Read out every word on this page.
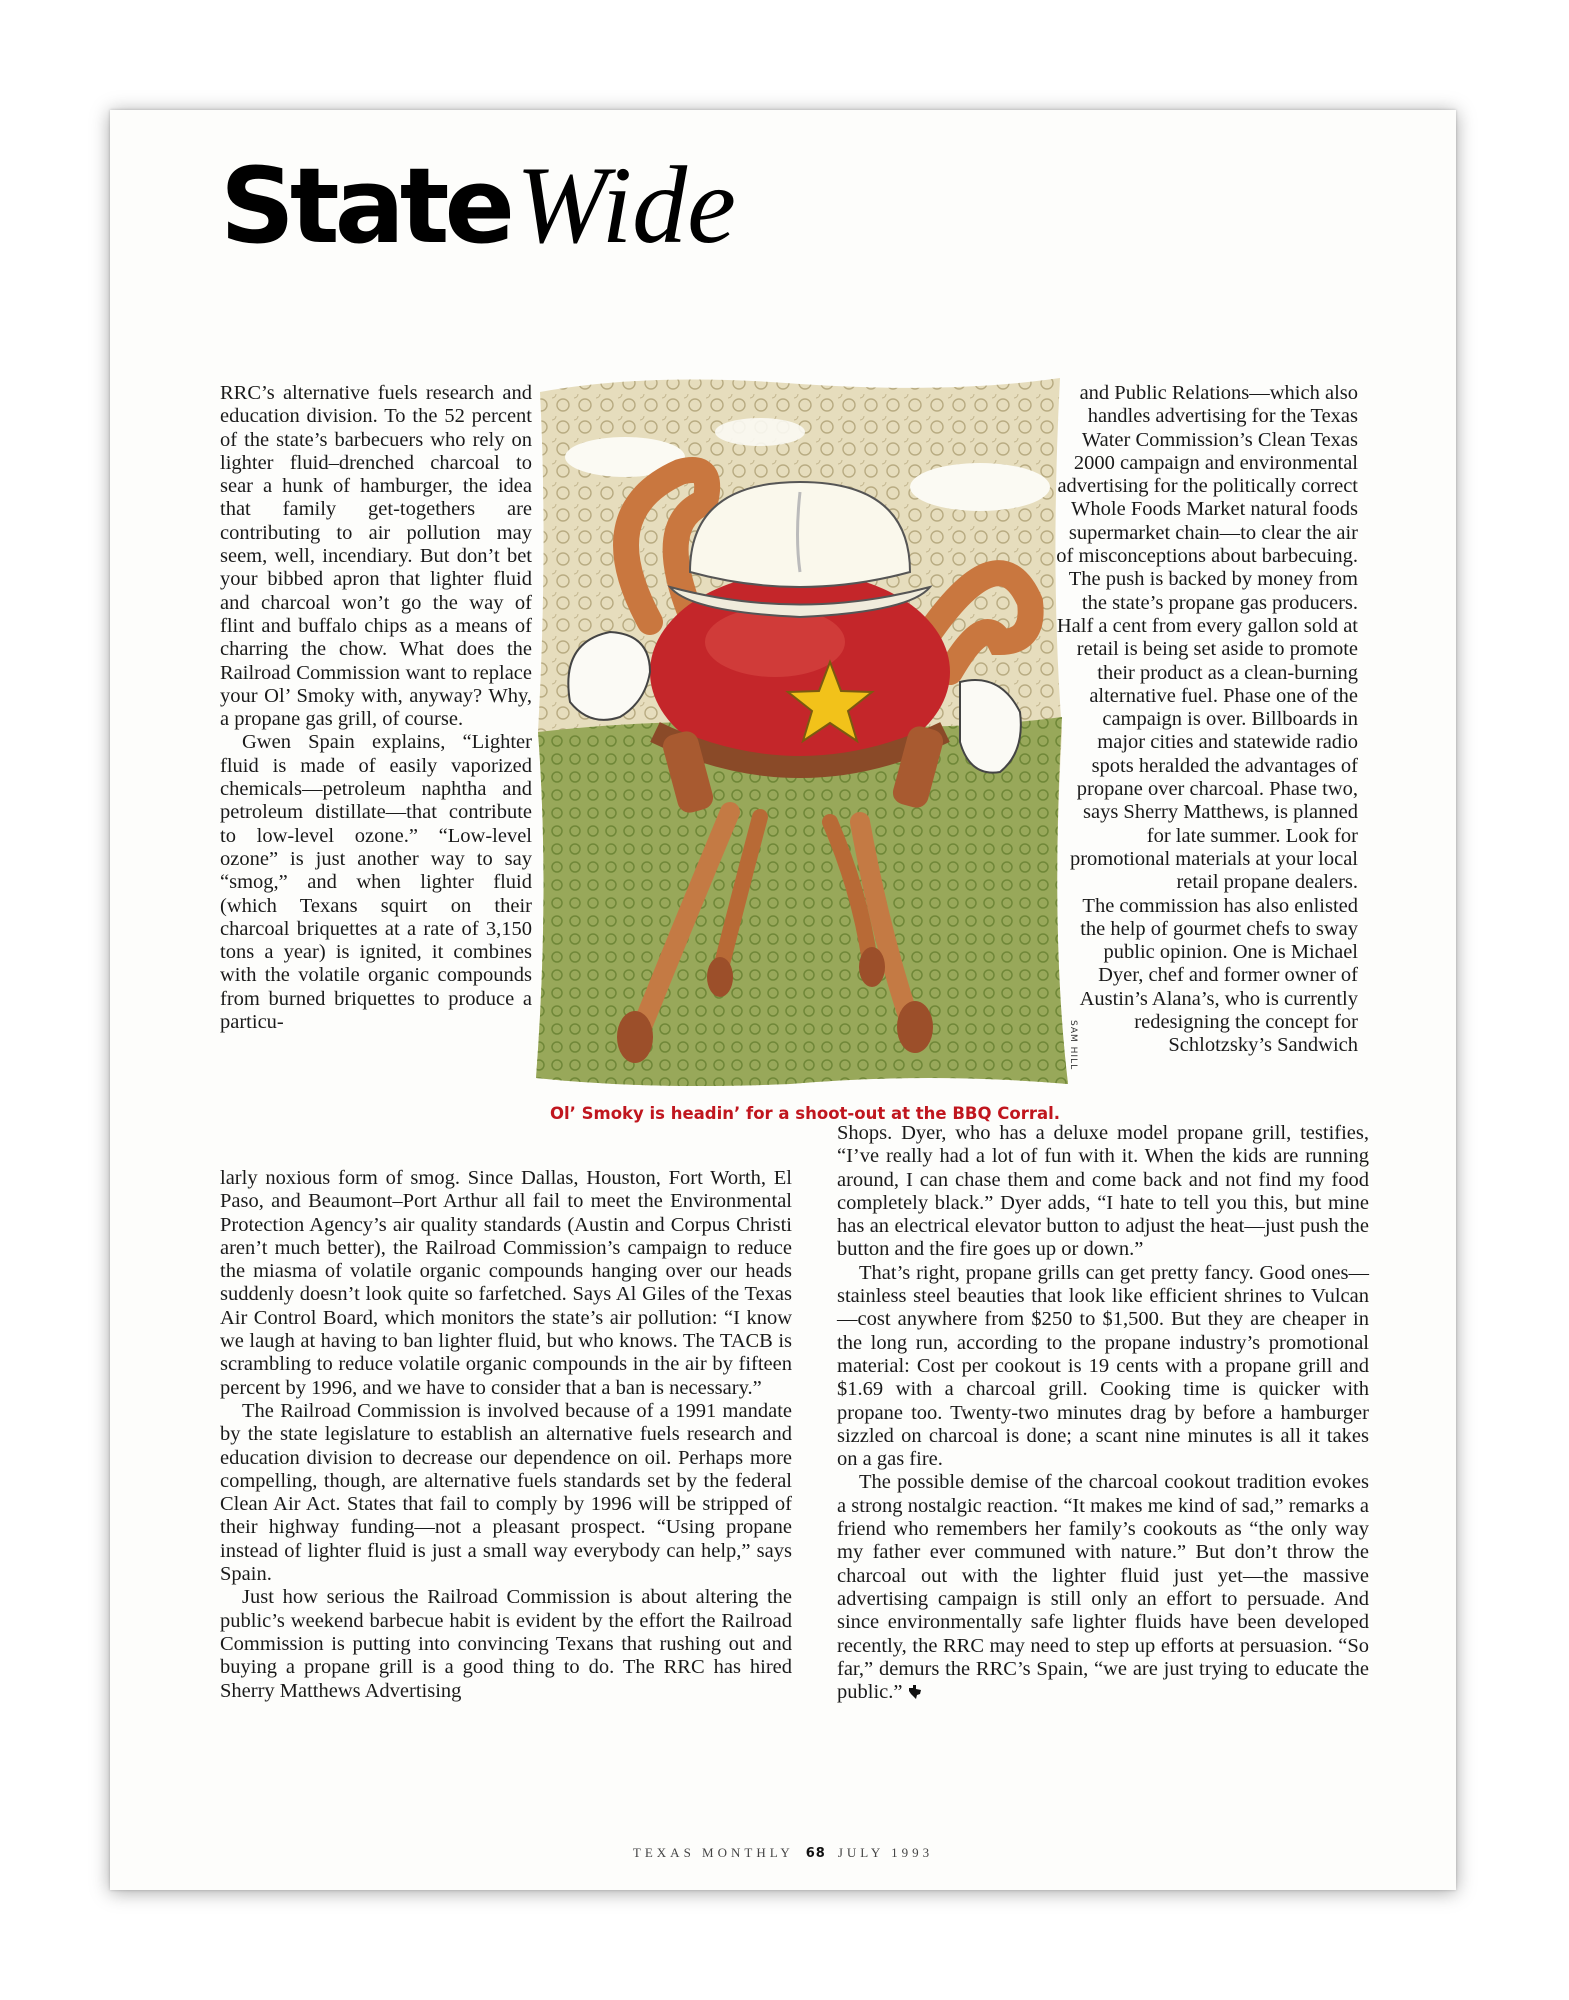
StateWide

RRC’s alternative fuels research and education division. To the 52 percent of the state’s barbecuers who rely on lighter fluid–drenched charcoal to sear a hunk of hamburger, the idea that family get-togethers are contributing to air pollution may seem, well, incendiary. But don’t bet your bibbed apron that lighter fluid and charcoal won’t go the way of flint and buffalo chips as a means of charring the chow. What does the Railroad Commission want to replace your Ol’ Smoky with, anyway? Why, a propane gas grill, of course.

Gwen Spain explains, “Lighter fluid is made of easily vaporized chemicals—petroleum naphtha and petroleum distillate—that contribute to low-level ozone.” “Low-level ozone” is just another way to say “smog,” and when lighter fluid (which Texans squirt on their charcoal briquettes at a rate of 3,150 tons a year) is ignited, it combines with the volatile organic compounds from burned briquettes to produce a particu-	SAM HILL
Ol’ Smoky is headin’ for a shoot-out at the BBQ Corral.

and Public Relations—which also handles advertising for the Texas Water Commission’s Clean Texas 2000 campaign and environmental advertising for the politically correct Whole Foods Market natural foods supermarket chain—to clear the air of misconceptions about barbecuing. The push is backed by money from the state’s propane gas producers. Half a cent from every gallon sold at retail is being set aside to promote their product as a clean-burning alternative fuel. Phase one of the campaign is over. Billboards in major cities and statewide radio spots heralded the advantages of propane over charcoal. Phase two, says Sherry Matthews, is planned for late summer. Look for promotional materials at your local retail propane dealers.

The commission has also enlisted the help of gourmet chefs to sway public opinion. One is Michael Dyer, chef and former owner of Austin’s Alana’s, who is currently redesigning the concept for Schlotzsky’s Sandwich

larly noxious form of smog. Since Dallas, Houston, Fort Worth, El Paso, and Beaumont–Port Arthur all fail to meet the Environmental Protection Agency’s air quality standards (Austin and Corpus Christi aren’t much better), the Railroad Commission’s campaign to reduce the miasma of volatile organic compounds hanging over our heads suddenly doesn’t look quite so farfetched. Says Al Giles of the Texas Air Control Board, which monitors the state’s air pollution: “I know we laugh at having to ban lighter fluid, but who knows. The TACB is scrambling to reduce volatile organic compounds in the air by fifteen percent by 1996, and we have to consider that a ban is necessary.”

The Railroad Commission is involved because of a 1991 mandate by the state legislature to establish an alternative fuels research and education division to decrease our dependence on oil. Perhaps more compelling, though, are alternative fuels standards set by the federal Clean Air Act. States that fail to comply by 1996 will be stripped of their highway funding—not a pleasant prospect. “Using propane instead of lighter fluid is just a small way everybody can help,” says Spain.

Just how serious the Railroad Commission is about altering the public’s weekend barbecue habit is evident by the effort the Railroad Commission is putting into convincing Texans that rushing out and buying a propane grill is a good thing to do. The RRC has hired Sherry Matthews Advertising

Shops. Dyer, who has a deluxe model propane grill, testifies, “I’ve really had a lot of fun with it. When the kids are running around, I can chase them and come back and not find my food completely black.” Dyer adds, “I hate to tell you this, but mine has an electrical elevator button to adjust the heat—just push the button and the fire goes up or down.”

That’s right, propane grills can get pretty fancy. Good ones—stainless steel beauties that look like efficient shrines to Vulcan—cost anywhere from $250 to $1,500. But they are cheaper in the long run, according to the propane industry’s promotional material: Cost per cookout is 19 cents with a propane grill and $1.69 with a charcoal grill. Cooking time is quicker with propane too. Twenty-two minutes drag by before a hamburger sizzled on charcoal is done; a scant nine minutes is all it takes on a gas fire.

The possible demise of the charcoal cookout tradition evokes a strong nostalgic reaction. “It makes me kind of sad,” remarks a friend who remembers her family’s cookouts as “the only way my father ever communed with nature.” But don’t throw the charcoal out with the lighter fluid just yet—the massive advertising campaign is still only an effort to persuade. And since environmentally safe lighter fluids have been developed recently, the RRC may need to step up efforts at persuasion. “So far,” demurs the RRC’s Spain, “we are just trying to educate the public.”

TEXAS MONTHLY 68 JULY 1993
